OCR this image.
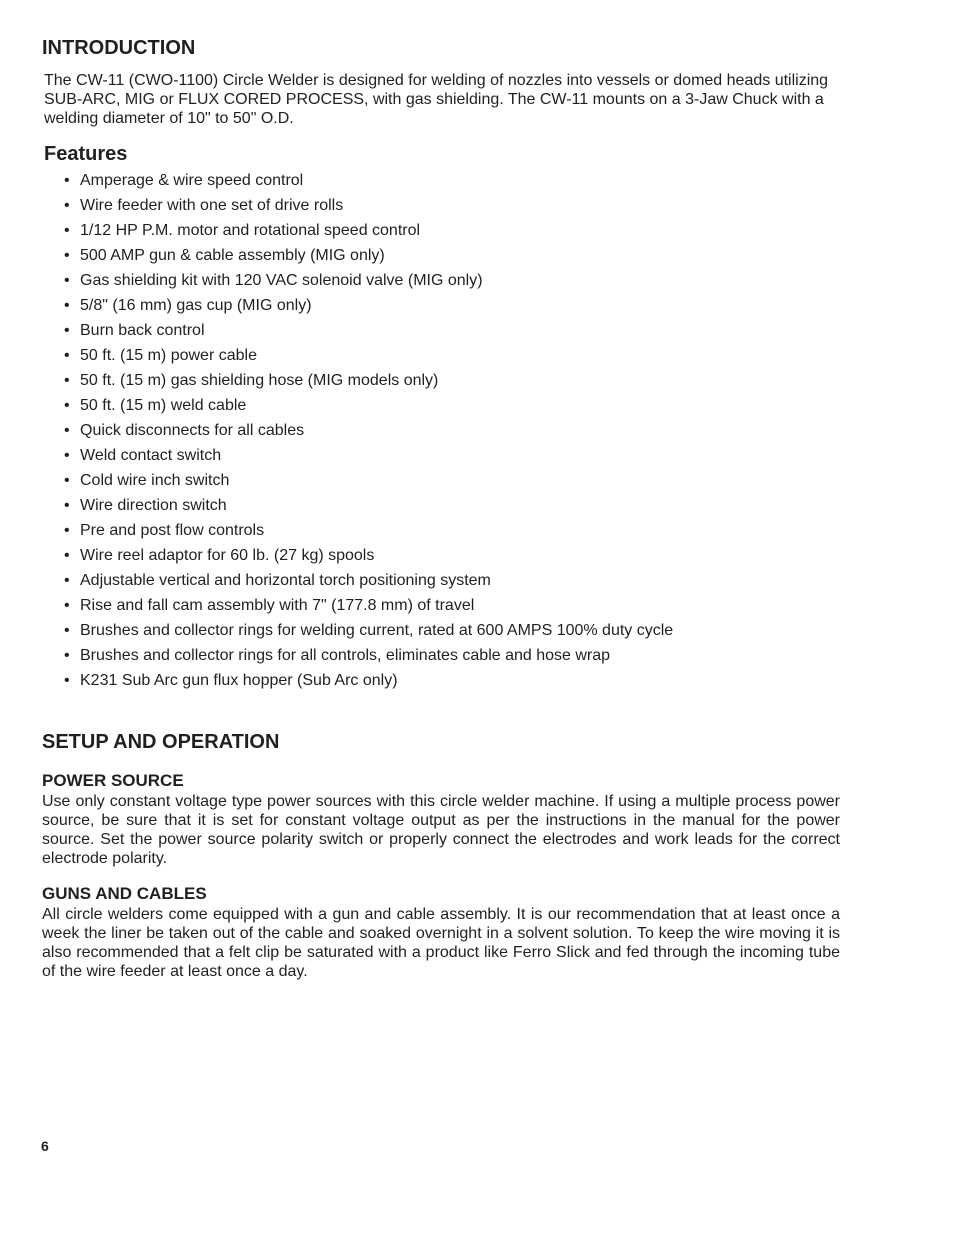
INTRODUCTION

The CW-11 (CWO-1100) Circle Welder is designed for welding of nozzles into vessels or domed heads utilizing SUB-ARC, MIG or FLUX CORED PROCESS, with gas shielding. The CW-11 mounts on a 3-Jaw Chuck with a welding diameter of 10" to 50" O.D.

Features
• Amperage & wire speed control
• Wire feeder with one set of drive rolls
• 1/12 HP P.M. motor and rotational speed control
• 500 AMP gun & cable assembly (MIG only)
• Gas shielding kit with 120 VAC solenoid valve (MIG only)
• 5/8" (16 mm) gas cup (MIG only)
• Burn back control
• 50 ft. (15 m) power cable
• 50 ft. (15 m) gas shielding hose (MIG models only)
• 50 ft. (15 m) weld cable
• Quick disconnects for all cables
• Weld contact switch
• Cold wire inch switch
• Wire direction switch
• Pre and post flow controls
• Wire reel adaptor for 60 lb. (27 kg) spools
• Adjustable vertical and horizontal torch positioning system
• Rise and fall cam assembly with 7" (177.8 mm) of travel
• Brushes and collector rings for welding current, rated at 600 AMPS 100% duty cycle
• Brushes and collector rings for all controls, eliminates cable and hose wrap
• K231 Sub Arc gun flux hopper (Sub Arc only)
SETUP AND OPERATION
POWER SOURCE

Use only constant voltage type power sources with this circle welder machine. If using a multiple process power source, be sure that it is set for constant voltage output as per the instructions in the manual for the power source. Set the power source polarity switch or properly connect the electrodes and work leads for the correct electrode polarity.

GUNS AND CABLES

All circle welders come equipped with a gun and cable assembly. It is our recommendation that at least once a week the liner be taken out of the cable and soaked overnight in a solvent solution. To keep the wire moving it is also recommended that a felt clip be saturated with a product like Ferro Slick and fed through the incoming tube of the wire feeder at least once a day.

6
